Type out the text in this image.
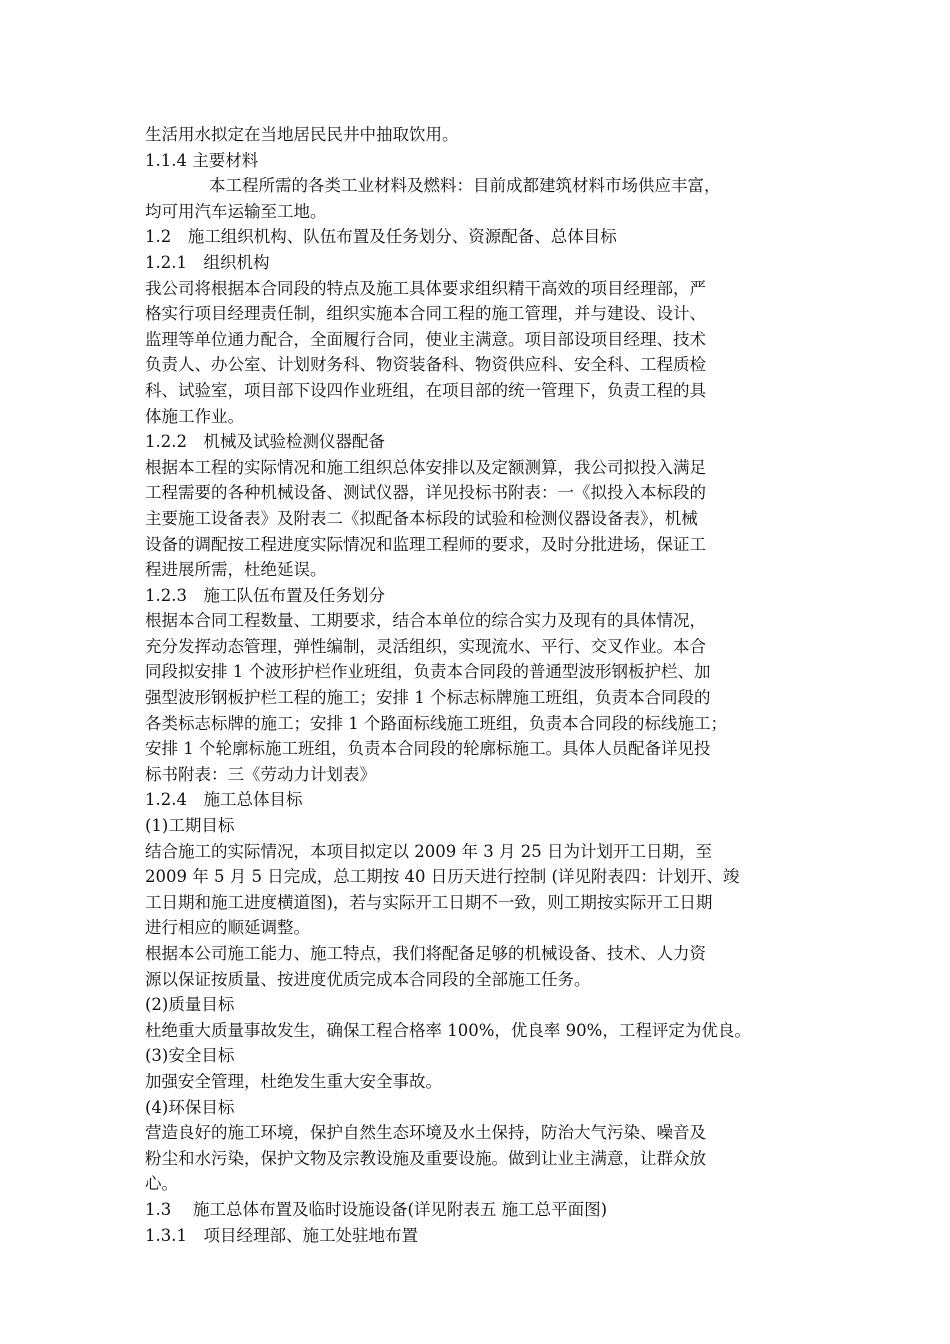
生活用水拟定在当地居民民井中抽取饮用。
1.1.4 主要材料
本工程所需的各类工业材料及燃料：目前成都建筑材料市场供应丰富，
均可用汽车运输至工地。
1.2　施工组织机构、队伍布置及任务划分、资源配备、总体目标
1.2.1　组织机构
我公司将根据本合同段的特点及施工具体要求组织精干高效的项目经理部，严
格实行项目经理责任制，组织实施本合同工程的施工管理，并与建设、设计、
监理等单位通力配合，全面履行合同，使业主满意。项目部设项目经理、技术
负责人、办公室、计划财务科、物资装备科、物资供应科、安全科、工程质检
科、试验室，项目部下设四作业班组，在项目部的统一管理下，负责工程的具
体施工作业。
1.2.2　机械及试验检测仪器配备
根据本工程的实际情况和施工组织总体安排以及定额测算，我公司拟投入满足
工程需要的各种机械设备、测试仪器，详见投标书附表：一《拟投入本标段的
主要施工设备表》及附表二《拟配备本标段的试验和检测仪器设备表》，机械
设备的调配按工程进度实际情况和监理工程师的要求，及时分批进场，保证工
程进展所需，杜绝延误。
1.2.3　施工队伍布置及任务划分
根据本合同工程数量、工期要求，结合本单位的综合实力及现有的具体情况，
充分发挥动态管理，弹性编制，灵活组织，实现流水、平行、交叉作业。本合
同段拟安排 1 个波形护栏作业班组，负责本合同段的普通型波形钢板护栏、加
强型波形钢板护栏工程的施工；安排 1 个标志标牌施工班组，负责本合同段的
各类标志标牌的施工；安排 1 个路面标线施工班组，负责本合同段的标线施工；
安排 1 个轮廓标施工班组，负责本合同段的轮廓标施工。具体人员配备详见投
标书附表：三《劳动力计划表》
1.2.4　施工总体目标
(1)工期目标
结合施工的实际情况，本项目拟定以 2009 年 3 月 25 日为计划开工日期，至
2009 年 5 月 5 日完成，总工期按 40 日历天进行控制 (详见附表四：计划开、竣
工日期和施工进度横道图)，若与实际开工日期不一致，则工期按实际开工日期
进行相应的顺延调整。
根据本公司施工能力、施工特点，我们将配备足够的机械设备、技术、人力资
源以保证按质量、按进度优质完成本合同段的全部施工任务。
(2)质量目标
杜绝重大质量事故发生，确保工程合格率 100%，优良率 90%，工程评定为优良。
(3)安全目标
加强安全管理，杜绝发生重大安全事故。
(4)环保目标
营造良好的施工环境，保护自然生态环境及水土保持，防治大气污染、噪音及
粉尘和水污染，保护文物及宗教设施及重要设施。做到让业主满意，让群众放
心。
1.3　 施工总体布置及临时设施设备(详见附表五 施工总平面图)
1.3.1　项目经理部、施工处驻地布置
